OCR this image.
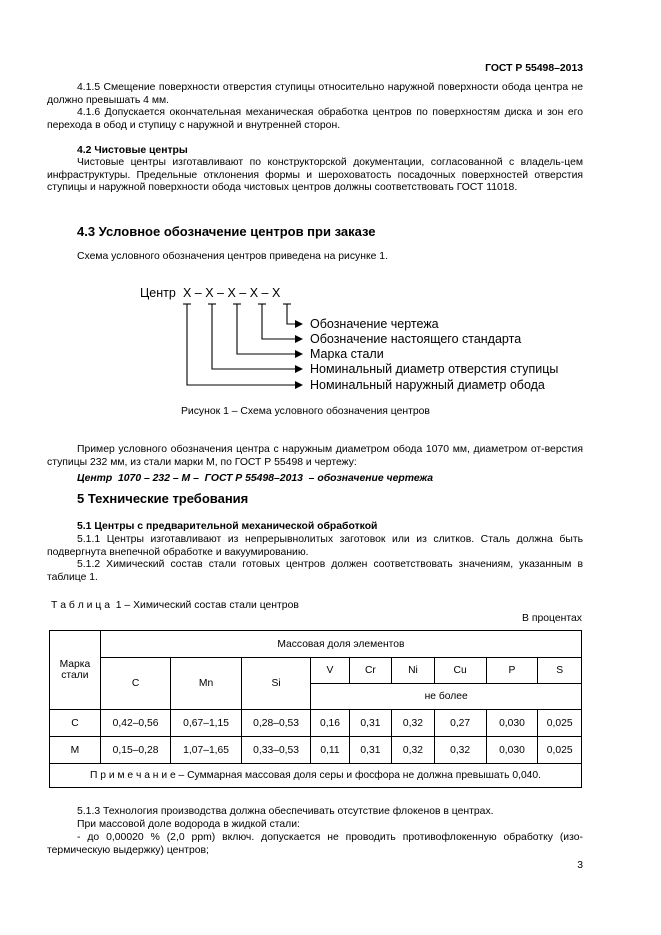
ГОСТ Р 55498–2013

4.1.5 Смещение поверхности отверстия ступицы относительно наружной поверхности обода центра не должно превышать 4 мм.

4.1.6 Допускается окончательная механическая обработка центров по поверхностям диска и зон его перехода в обод и ступицу с наружной и внутренней сторон.

4.2 Чистовые центры

Чистовые центры изготавливают по конструкторской документации, согласованной с владель-цем инфраструктуры. Предельные отклонения формы и шероховатость посадочных поверхностей отверстия ступицы и наружной поверхности обода чистовых центров должны соответствовать ГОСТ 11018.

4.3 Условное обозначение центров при заказе

Схема условного обозначения центров приведена на рисунке 1.

Центр X – X – X – X – X
Обозначение чертежа
Обозначение настоящего стандарта
Марка стали
Номинальный диаметр отверстия ступицы
Номинальный наружный диаметр обода
Рисунок 1 – Схема условного обозначения центров

Пример условного обозначения центра с наружным диаметром обода 1070 мм, диаметром от-верстия ступицы 232 мм, из стали марки М, по ГОСТ Р 55498 и чертежу:

Центр  1070 – 232 – М –  ГОСТ Р 55498–2013  – обозначение чертежа

5 Технические требования

5.1 Центры с предварительной механической обработкой

5.1.1 Центры изготавливают из непрерывнолитых заготовок или из слитков. Сталь должна быть подвергнута внепечной обработке и вакуумированию.

5.1.2 Химический состав стали готовых центров должен соответствовать значениям, указанным в таблице 1.

Т а б л и ц а  1 – Химический состав стали центров
В процентах
Марка стали	Массовая доля элементов								
	C	Mn	Si	V	Cr	Ni	Cu	P	S
				не более					
С	0,42–0,56	0,67–1,15	0,28–0,53	0,16	0,31	0,32	0,27	0,030	0,025
М	0,15–0,28	1,07–1,65	0,33–0,53	0,11	0,31	0,32	0,32	0,030	0,025
П р и м е ч а н и е – Суммарная массовая доля серы и фосфора не должна превышать 0,040.									

5.1.3 Технология производства должна обеспечивать отсутствие флокенов в центрах.

При массовой доле водорода в жидкой стали:

- до 0,00020 % (2,0 ppm) включ. допускается не проводить противофлокенную обработку (изо-термическую выдержку) центров;

3
